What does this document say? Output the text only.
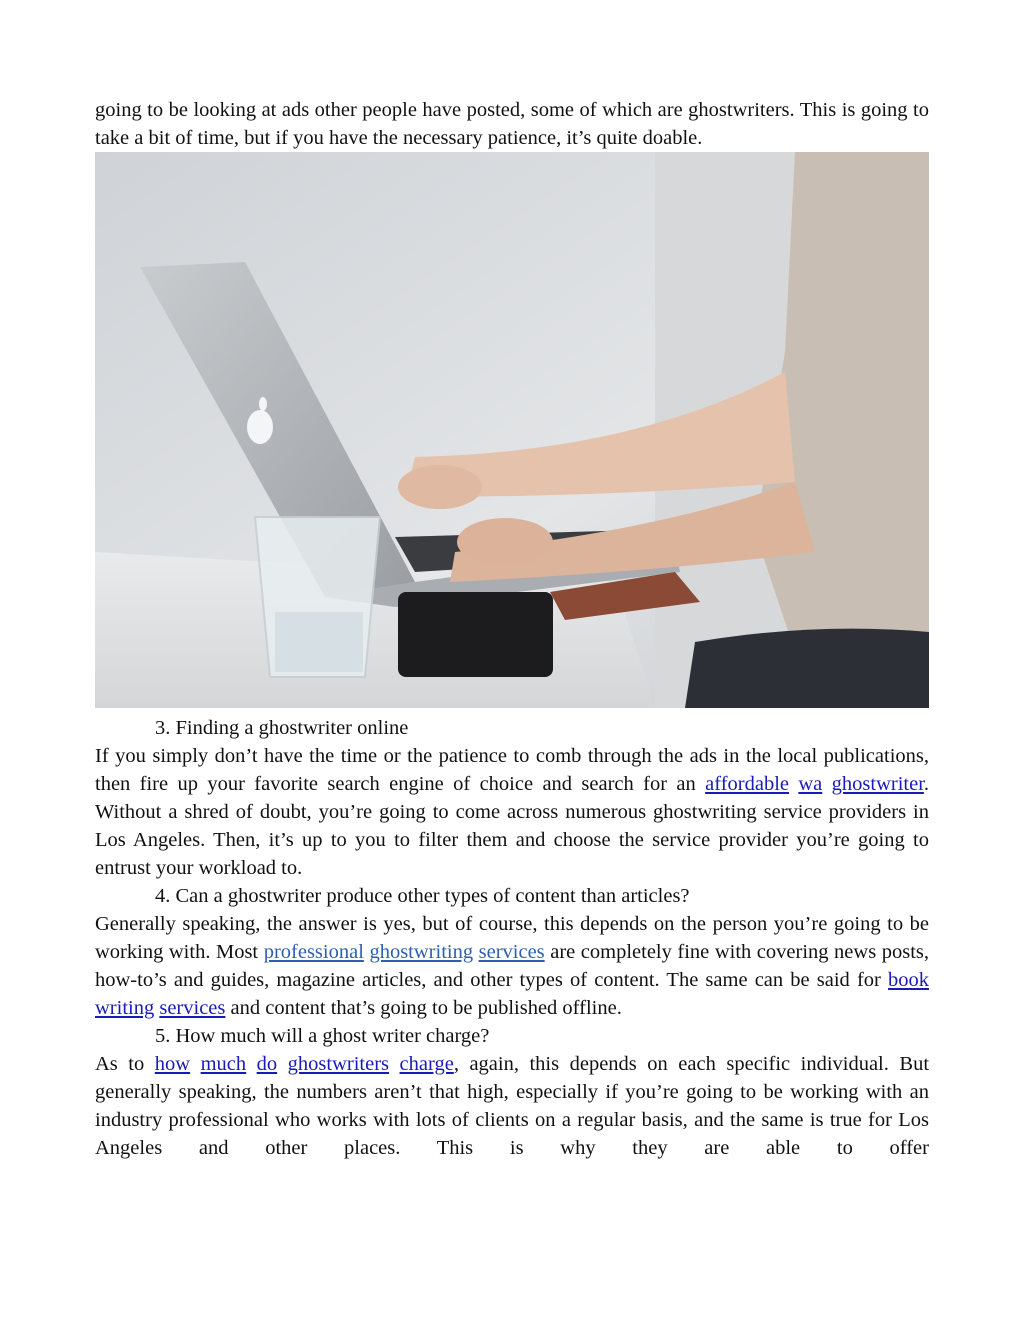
going to be looking at ads other people have posted, some of which are ghostwriters. This is going to take a bit of time, but if you have the necessary patience, it’s quite doable.

3. Finding a ghostwriter online

If you simply don’t have the time or the patience to comb through the ads in the local publications, then fire up your favorite search engine of choice and search for an affordable wa ghostwriter. Without a shred of doubt, you’re going to come across numerous ghostwriting service providers in Los Angeles. Then, it’s up to you to filter them and choose the service provider you’re going to entrust your workload to.

4. Can a ghostwriter produce other types of content than articles?

Generally speaking, the answer is yes, but of course, this depends on the person you’re going to be working with. Most professional ghostwriting services are completely fine with covering news posts, how-to’s and guides, magazine articles, and other types of content. The same can be said for book writing services and content that’s going to be published offline.

5. How much will a ghost writer charge?

As to how much do ghostwriters charge, again, this depends on each specific individual. But generally speaking, the numbers aren’t that high, especially if you’re going to be working with an industry professional who works with lots of clients on a regular basis, and the same is true for Los Angeles and other places. This is why they are able to offer
